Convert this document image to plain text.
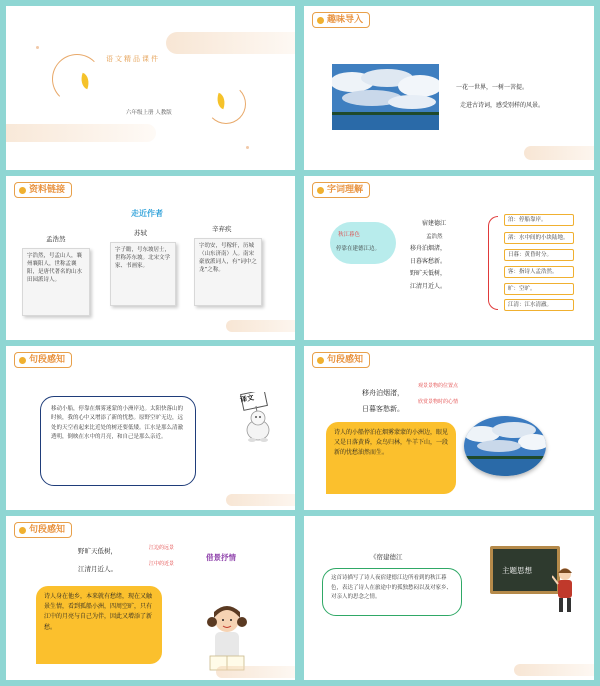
语文精品课件
六年级上册 人教版
趣味导入
一花一世界，一树一菩提。
走进古诗词，感受别样的风景。
资料链接
走近作者
孟浩然
字浩然，号孟山人，襄州襄阳人，世称孟襄阳，是唐代著名的山水田园派诗人。
苏轼
字子瞻，号东坡居士，世称苏东坡。北宋文学家、书画家。
辛弃疾
字幼安，号稼轩，历城（山东济南）人。南宋豪放派词人，有“词中之龙”之称。
字词理解
秋江暮色
停靠在建德江边。
宿建德江
孟浩然
移舟泊烟渚，
日暮客愁新。
野旷天低树，
江清月近人。
泊：停船靠岸。
渚：水中间的小块陆地。
日暮：黄昏时分。
客：指诗人孟浩然。
旷：空旷。
江清：江水清澈。
句段感知
移动小船，停靠在烟雾迷蒙的小洲岸边。太阳快落山的时候，我的心中又增添了新的忧愁。原野空旷无边，远处的天空看起来比近处的树还要低矮。江水是那么清澈透明，倒映在水中的月亮，和自己是那么亲近。
译文
句段感知
移舟泊烟渚，
日暮客愁新。
观景景物的位置点
欣赏景物时的心情
诗人的小船停泊在烟雾蒙蒙的小洲边，眼见又是日落黄昏，众鸟归林，牛羊下山，一段新的忧愁油然而生。
句段感知
野旷天低树，
江清月近人。
江边的远景
江中的近景
借景抒情
诗人身在他乡，本来就有愁绪，现在又触景生情，看到孤船小洲，四周空旷，只有江中的月亮与自己为伴，因此又增添了新愁。
《宿建德江
这首诗描写了诗人夜宿建德江边所看到的秋江暮色，表达了诗人在旅途中的孤独愁闷以及对家乡、对亲人的思念之情。
主题思想
